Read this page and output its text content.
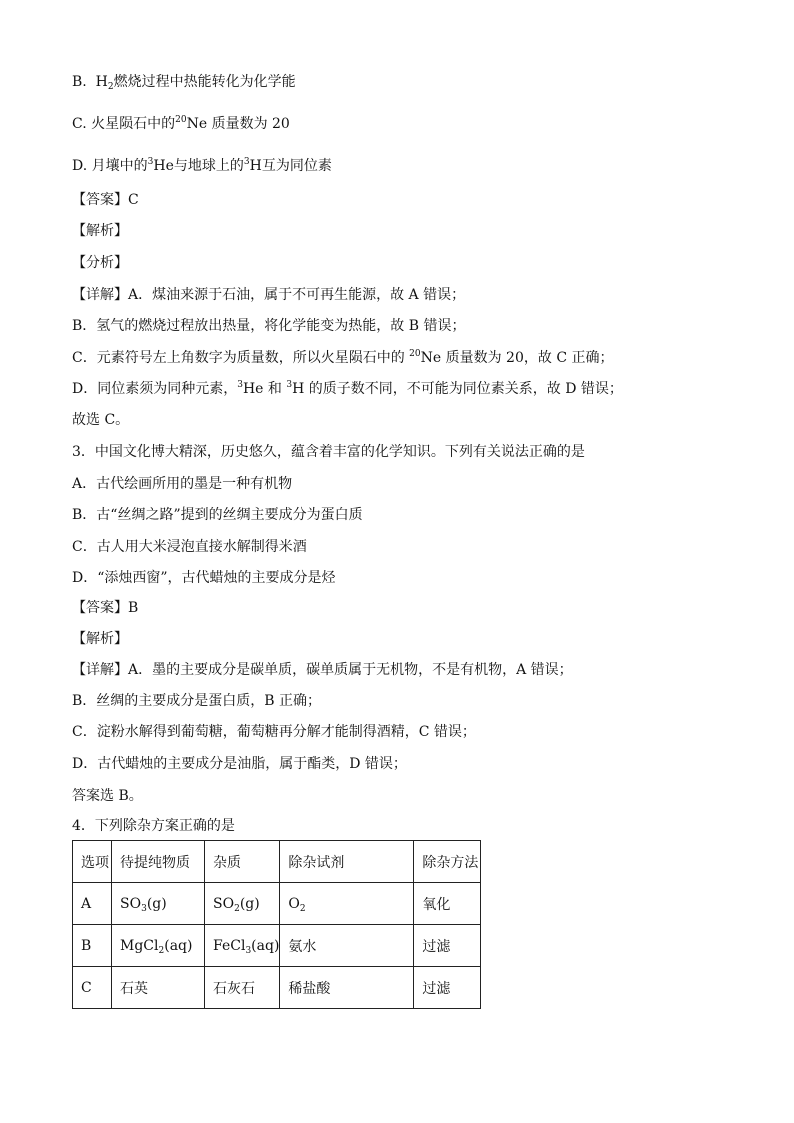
B. $H_2$燃烧过程中热能转化为化学能
C. 火星陨石中的$^{20}$Ne 质量数为 20
D. 月壤中的$^3$He与地球上的$^3$H互为同位素
【答案】C
【解析】
【分析】
【详解】A．煤油来源于石油，属于不可再生能源，故 A 错误；
B．氢气的燃烧过程放出热量，将化学能变为热能，故 B 错误；
C．元素符号左上角数字为质量数，所以火星陨石中的 $^{20}$Ne 质量数为 20，故 C 正确；
D．同位素须为同种元素，$^3$He 和 $^3$H 的质子数不同，不可能为同位素关系，故 D 错误；
故选 C。
3．中国文化博大精深，历史悠久，蕴含着丰富的化学知识。下列有关说法正确的是
A．古代绘画所用的墨是一种有机物
B．古“丝绸之路”提到的丝绸主要成分为蛋白质
C．古人用大米浸泡直接水解制得米酒
D．“添烛西窗”，古代蜡烛的主要成分是烃
【答案】B
【解析】
【详解】A．墨的主要成分是碳单质，碳单质属于无机物，不是有机物，A 错误；
B．丝绸的主要成分是蛋白质，B 正确；
C．淀粉水解得到葡萄糖，葡萄糖再分解才能制得酒精，C 错误；
D．古代蜡烛的主要成分是油脂，属于酯类，D 错误；
答案选 B。
4．下列除杂方案正确的是
选项	待提纯物质	杂质	除杂试剂	除杂方法
A	$SO_3(g)$	$SO_2(g)$	$O_2$	氧化
B	MgCl$_2$(aq)	FeCl$_3$(aq)	氨水	过滤
C	石英	石灰石	稀盐酸	过滤
